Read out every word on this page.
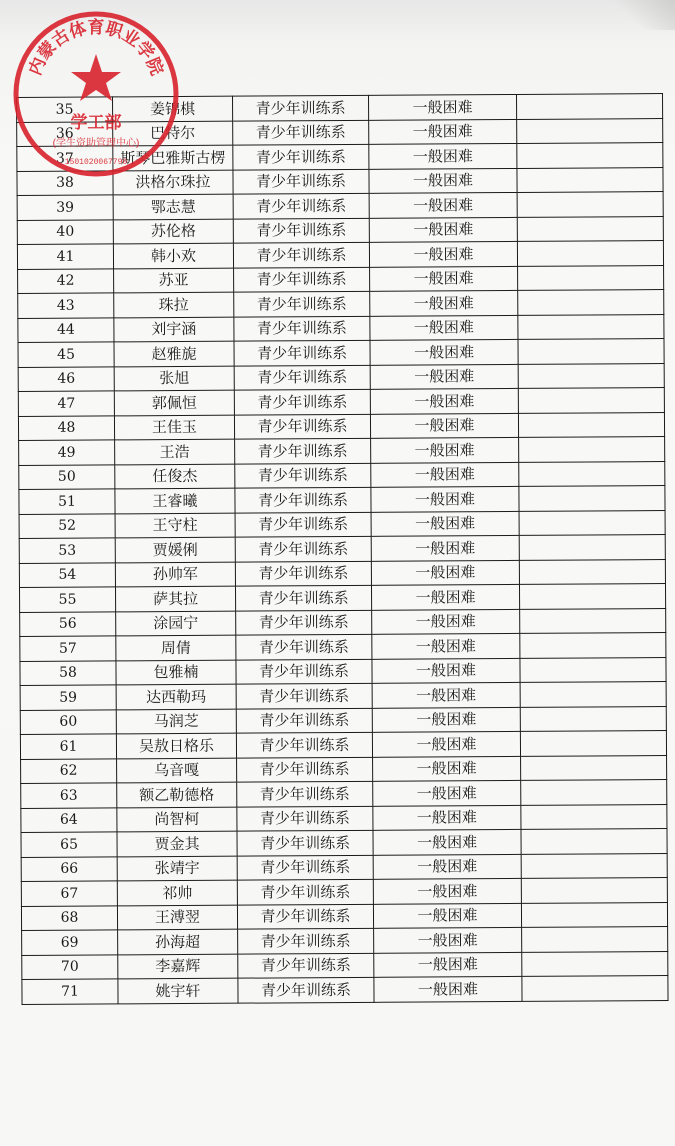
35	姜锦棋	青少年训练系	一般困难	
36	巴特尔	青少年训练系	一般困难	
37	斯琴巴雅斯古楞	青少年训练系	一般困难	
38	洪格尔珠拉	青少年训练系	一般困难	
39	鄂志慧	青少年训练系	一般困难	
40	苏伦格	青少年训练系	一般困难	
41	韩小欢	青少年训练系	一般困难	
42	苏亚	青少年训练系	一般困难	
43	珠拉	青少年训练系	一般困难	
44	刘宇涵	青少年训练系	一般困难	
45	赵雅旎	青少年训练系	一般困难	
46	张旭	青少年训练系	一般困难	
47	郭佩恒	青少年训练系	一般困难	
48	王佳玉	青少年训练系	一般困难	
49	王浩	青少年训练系	一般困难	
50	任俊杰	青少年训练系	一般困难	
51	王睿曦	青少年训练系	一般困难	
52	王守柱	青少年训练系	一般困难	
53	贾媛俐	青少年训练系	一般困难	
54	孙帅军	青少年训练系	一般困难	
55	萨其拉	青少年训练系	一般困难	
56	涂园宁	青少年训练系	一般困难	
57	周倩	青少年训练系	一般困难	
58	包雅楠	青少年训练系	一般困难	
59	达西勒玛	青少年训练系	一般困难	
60	马润芝	青少年训练系	一般困难	
61	吴敖日格乐	青少年训练系	一般困难	
62	乌音嘎	青少年训练系	一般困难	
63	额乙勒德格	青少年训练系	一般困难	
64	尚智柯	青少年训练系	一般困难	
65	贾金其	青少年训练系	一般困难	
66	张靖宇	青少年训练系	一般困难	
67	祁帅	青少年训练系	一般困难	
68	王溥翌	青少年训练系	一般困难	
69	孙海超	青少年训练系	一般困难	
70	李嘉辉	青少年训练系	一般困难	
71	姚宇轩	青少年训练系	一般困难	
内蒙古体育职业学院
学工部
(学生资助管理中心)
1501020067790
